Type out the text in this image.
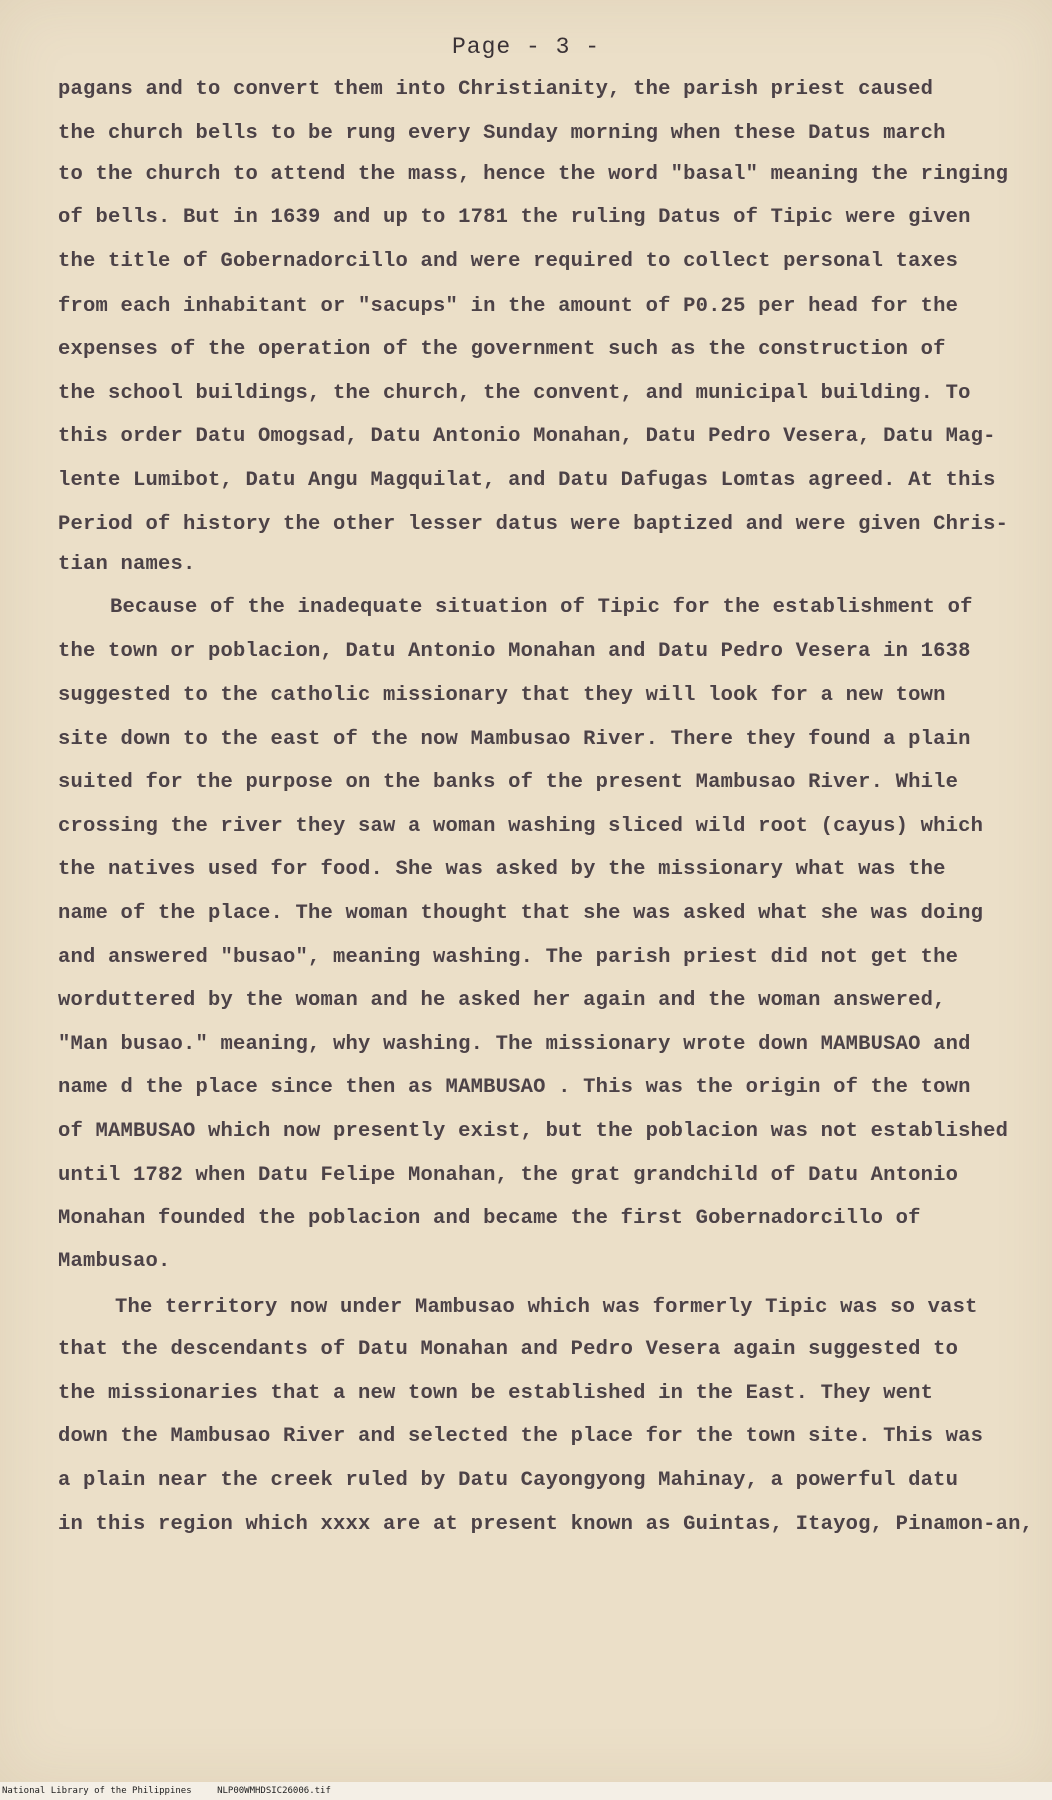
Page - 3 -
pagans and to convert them into Christianity, the parish priest caused
the church bells to be rung every Sunday morning when these Datus march
to the church to attend the mass, hence the word "basal" meaning the ringing
of bells. But in 1639 and up to 1781 the ruling Datus of Tipic were given
the title of Gobernadorcillo and were required to collect personal taxes
from each inhabitant or "sacups" in the amount of P0.25 per head for the
expenses of the operation of the government such as the construction of
the school buildings, the church, the convent, and municipal building. To
this order Datu Omogsad, Datu Antonio Monahan, Datu Pedro Vesera, Datu Mag-
lente Lumibot, Datu Angu Magquilat, and Datu Dafugas Lomtas agreed. At this
Period of history the other lesser datus were baptized and were given Chris-
tian names.
Because of the inadequate situation of Tipic for the establishment of
the town or poblacion, Datu Antonio Monahan and Datu Pedro Vesera in 1638
suggested to the catholic missionary that they will look for a new town
site down to the east of the now Mambusao River. There they found a plain
suited for the purpose on the banks of the present Mambusao River. While
crossing the river they saw a woman washing sliced wild root (cayus) which
the natives used for food. She was asked by the missionary what was the
name of the place. The woman thought that she was asked what she was doing
and answered "busao", meaning washing. The parish priest did not get the
worduttered by the woman and he asked her again and the woman answered,
"Man busao." meaning, why washing. The missionary wrote down MAMBUSAO and
name d the place since then as MAMBUSAO . This was the origin of the town
of MAMBUSAO which now presently exist, but the poblacion was not established
until 1782 when Datu Felipe Monahan, the grat grandchild of Datu Antonio
Monahan founded the poblacion and became the first Gobernadorcillo of
Mambusao.
The territory now under Mambusao which was formerly Tipic was so vast
that the descendants of Datu Monahan and Pedro Vesera again suggested to
the missionaries that a new town be established in the East. They went
down the Mambusao River and selected the place for the town site. This was
a plain near the creek ruled by Datu Cayongyong Mahinay, a powerful datu
in this region which xxxx are at present known as Guintas, Itayog, Pinamon-an,
National Library of the Philippines	NLP00WMHDSIC26006.tif
